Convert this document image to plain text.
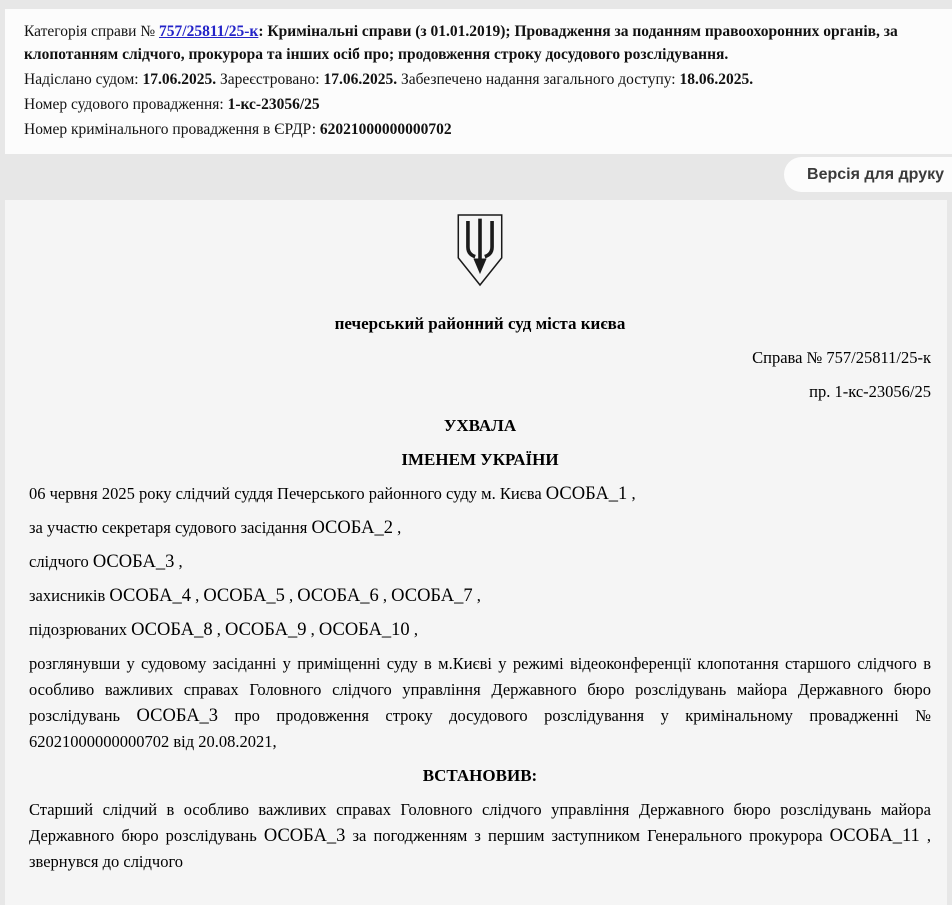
Категорія справи № 757/25811/25-к: Кримінальні справи (з 01.01.2019); Провадження за поданням правоохоронних органів, за клопотанням слідчого, прокурора та інших осіб про; продовження строку досудового розслідування.

Надіслано судом: 17.06.2025. Зареєстровано: 17.06.2025. Забезпечено надання загального доступу: 18.06.2025.

Номер судового провадження: 1-кс-23056/25

Номер кримінального провадження в ЄРДР: 62021000000000702

Версія для друку
печерський районний суд міста києва
Справа № 757/25811/25-к
пр. 1-кс-23056/25
УХВАЛА
ІМЕНЕМ УКРАЇНИ
06 червня 2025 року слідчий суддя Печерського районного суду м. Києва ОСОБА_1 ,
за участю секретаря судового засідання ОСОБА_2 ,
слідчого ОСОБА_3 ,
захисників ОСОБА_4 , ОСОБА_5 , ОСОБА_6 , ОСОБА_7 ,
підозрюваних ОСОБА_8 , ОСОБА_9 , ОСОБА_10 ,
розглянувши у судовому засіданні у приміщенні суду в м.Києві у режимі відеоконференції клопотання старшого слідчого в особливо важливих справах Головного слідчого управління Державного бюро розслідувань майора Державного бюро розслідувань ОСОБА_3 про продовження строку досудового розслідування у кримінальному провадженні № 62021000000000702 від 20.08.2021,
ВСТАНОВИВ:
Старший слідчий в особливо важливих справах Головного слідчого управління Державного бюро розслідувань майора Державного бюро розслідувань ОСОБА_3 за погодженням з першим заступником Генерального прокурора ОСОБА_11 , звернувся до слідчого
